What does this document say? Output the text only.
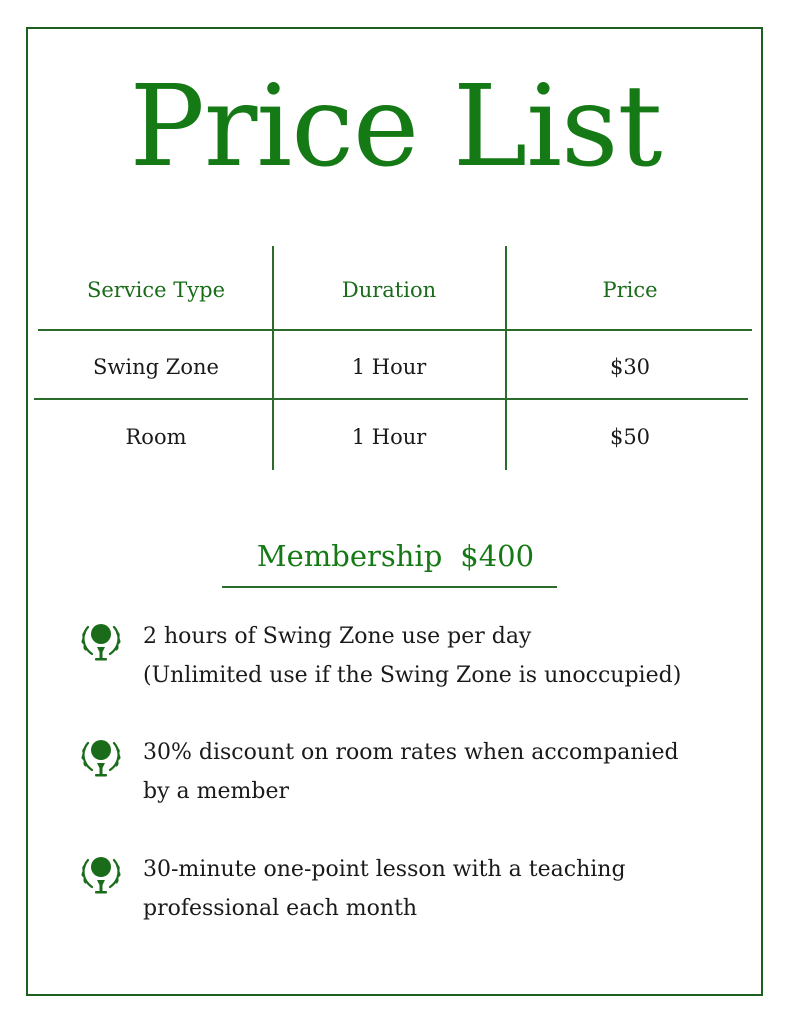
Price List
Service Type	Duration	Price
Swing Zone	1 Hour	$30
Room	1 Hour	$50
Membership $400
2 hours of Swing Zone use per day
(Unlimited use if the Swing Zone is unoccupied)
30% discount on room rates when accompanied
by a member
30-minute one-point lesson with a teaching
professional each month
